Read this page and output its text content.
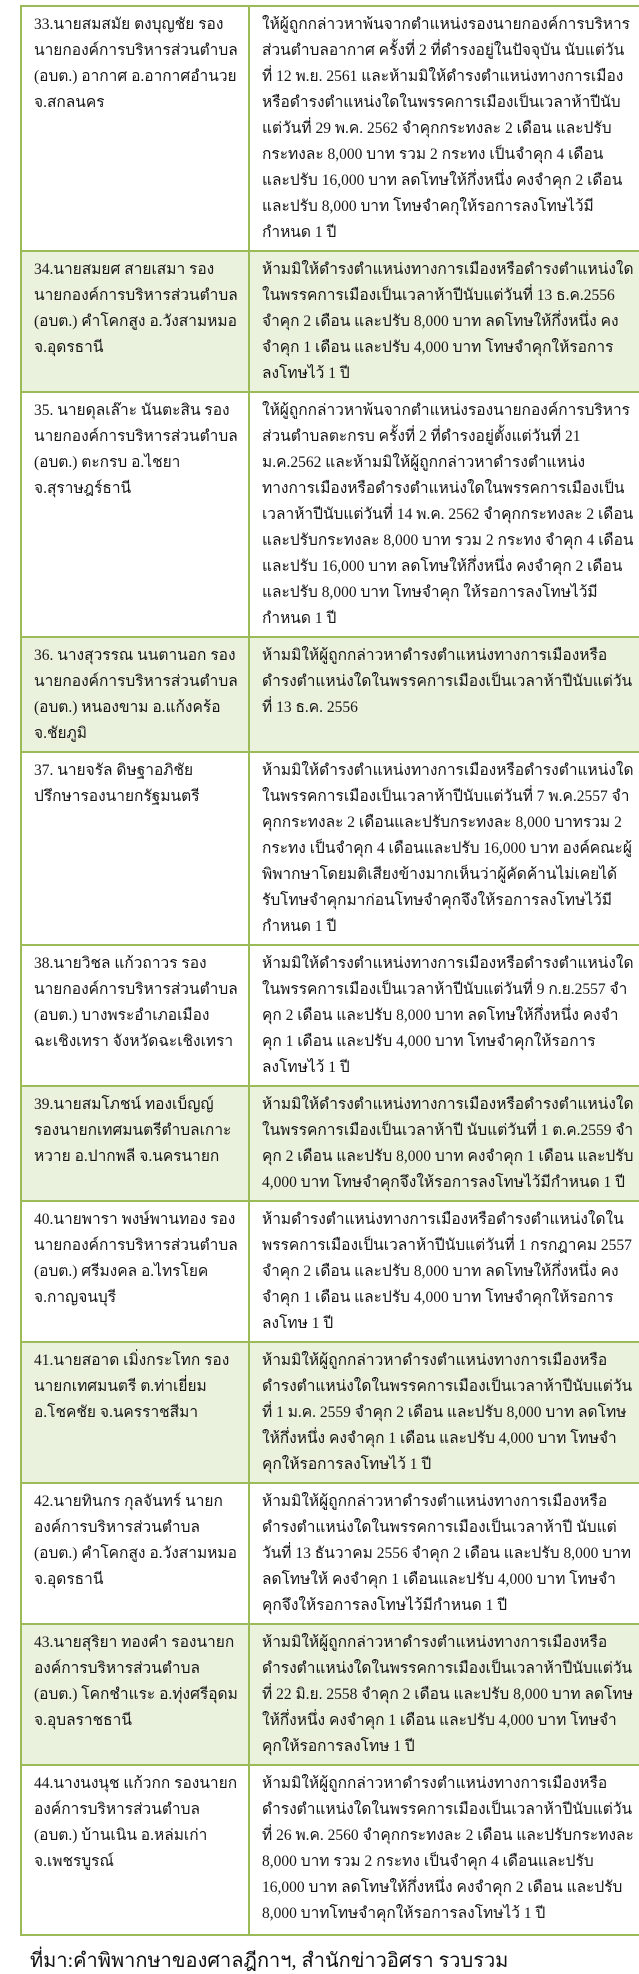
33.นายสมสมัย ตงบุญชัย รองนายกองค์การบริหารส่วนตำบล (อบต.) อากาศ อ.อากาศอำนวย จ.สกลนคร	ให้ผู้ถูกกล่าวหาพ้นจากตำแหน่งรองนายกองค์การบริหารส่วนตำบลอากาศ ครั้งที่ 2 ที่ดำรงอยู่ในปัจจุบัน นับแต่วันที่ 12 พ.ย. 2561 และห้ามมิให้ดำรงตำแหน่งทางการเมืองหรือดำรงตำแหน่งใดในพรรคการเมืองเป็นเวลาห้าปีนับแต่วันที่ 29 พ.ค. 2562 จำคุกกระทงละ 2 เดือน และปรับกระทงละ 8,000 บาท รวม 2 กระทง เป็นจำคุก 4 เดือน และปรับ 16,000 บาท ลดโทษให้กึ่งหนึ่ง คงจำคุก 2 เดือน และปรับ 8,000 บาท โทษจำคกุให้รอการลงโทษไว้มีกำหนด 1 ปี
34.นายสมยศ สายเสมา รองนายกองค์การบริหารส่วนตำบล (อบต.) คำโคกสูง อ.วังสามหมอ จ.อุดรธานี	ห้ามมิให้ดำรงตำแหน่งทางการเมืองหรือดำรงตำแหน่งใดในพรรคการเมืองเป็นเวลาห้าปีนับแต่วันที่ 13 ธ.ค.2556 จำคุก 2 เดือน และปรับ 8,000 บาท ลดโทษให้กึ่งหนึ่ง คงจำคุก 1 เดือน และปรับ 4,000 บาท โทษจำคุกให้รอการลงโทษไว้ 1 ปี
35. นายดุลเล๊าะ นันตะสิน รองนายกองค์การบริหารส่วนตำบล (อบต.) ตะกรบ อ.ไชยา จ.สุราษฎร์ธานี	ให้ผู้ถูกกล่าวหาพ้นจากตำแหน่งรองนายกองค์การบริหารส่วนตำบลตะกรบ ครั้งที่ 2 ที่ดำรงอยู่ตั้งแต่วันที่ 21 ม.ค.2562 และห้ามมิให้ผู้ถูกกล่าวหาดำรงตำแหน่งทางการเมืองหรือดำรงตำแหน่งใดในพรรคการเมืองเป็นเวลาห้าปีนับแต่วันที่ 14 พ.ค. 2562 จำคุกกระทงละ 2 เดือน และปรับกระทงละ 8,000 บาท รวม 2 กระทง จำคุก 4 เดือน และปรับ 16,000 บาท ลดโทษให้กึ่งหนึ่ง คงจำคุก 2 เดือน และปรับ 8,000 บาท โทษจำคุก ให้รอการลงโทษไว้มีกำหนด 1 ปี
36. นางสุวรรณ นนตานอก รองนายกองค์การบริหารส่วนตำบล (อบต.) หนองขาม อ.แก้งคร้อ จ.ชัยภูมิ	ห้ามมิให้ผู้ถูกกล่าวหาดำรงตำแหน่งทางการเมืองหรือดำรงตำแหน่งใดในพรรคการเมืองเป็นเวลาห้าปีนับแต่วันที่ 13 ธ.ค. 2556
37. นายจรัล ดิษฐาอภิชัย ปรึกษารองนายกรัฐมนตรี	ห้ามมิให้ดำรงตำแหน่งทางการเมืองหรือดำรงตำแหน่งใดในพรรคการเมืองเป็นเวลาห้าปีนับแต่วันที่ 7 พ.ค.2557 จำคุกกระทงละ 2 เดือนและปรับกระทงละ 8,000 บาทรวม 2 กระทง เป็นจำคุก 4 เดือนและปรับ 16,000 บาท องค์คณะผู้พิพากษาโดยมติเสียงข้างมากเห็นว่าผู้คัดค้านไม่เคยได้รับโทษจำคุกมาก่อนโทษจำคุกจึงให้รอการลงโทษไว้มีกำหนด 1 ปี
38.นายวิชล แก้วถาวร รองนายกองค์การบริหารส่วนตำบล (อบต.) บางพระอำเภอเมืองฉะเชิงเทรา จังหวัดฉะเชิงเทรา	ห้ามมิให้ดำรงตำแหน่งทางการเมืองหรือดำรงตำแหน่งใดในพรรคการเมืองเป็นเวลาห้าปีนับแต่วันที่ 9 ก.ย.2557 จำคุก 2 เดือน และปรับ 8,000 บาท ลดโทษให้กึ่งหนึ่ง คงจำคุก 1 เดือน และปรับ 4,000 บาท โทษจำคุกให้รอการลงโทษไว้ 1 ปี
39.นายสมโภชน์ ทองเบ็ญญ์ รองนายกเทศมนตรีตำบลเกาะหวาย อ.ปากพลี จ.นครนายก	ห้ามมิให้ดำรงตำแหน่งทางการเมืองหรือดำรงตำแหน่งใดในพรรคการเมืองเป็นเวลาห้าปี นับแต่วันที่ 1 ต.ค.2559 จำคุก 2 เดือน และปรับ 8,000 บาท คงจำคุก 1 เดือน และปรับ 4,000 บาท โทษจำคุกจึงให้รอการลงโทษไว้มีกำหนด 1 ปี
40.นายพารา พงษ์พานทอง รองนายกองค์การบริหารส่วนตำบล (อบต.) ศรีมงคล อ.ไทรโยค จ.กาญจนบุรี	ห้ามดำรงตำแหน่งทางการเมืองหรือดำรงตำแหน่งใดในพรรคการเมืองเป็นเวลาห้าปีนับแต่วันที่ 1 กรกฎาคม 2557 จำคุก 2 เดือน และปรับ 8,000 บาท ลดโทษให้กึ่งหนึ่ง คงจำคุก 1 เดือน และปรับ 4,000 บาท โทษจำคุกให้รอการลงโทษ 1 ปี
41.นายสอาด เมิ่งกระโทก รองนายกเทศมนตรี ต.ท่าเยี่ยม อ.โชคชัย จ.นครราชสีมา	ห้ามมิให้ผู้ถูกกล่าวหาดำรงตำแหน่งทางการเมืองหรือดำรงตำแหน่งใดในพรรคการเมืองเป็นเวลาห้าปีนับแต่วันที่ 1 ม.ค. 2559 จำคุก 2 เดือน และปรับ 8,000 บาท ลดโทษให้กึ่งหนึ่ง คงจำคุก 1 เดือน และปรับ 4,000 บาท โทษจำคุกให้รอการลงโทษไว้ 1 ปี
42.นายทินกร กุลจันทร์ นายกองค์การบริหารส่วนตำบล (อบต.) คำโคกสูง อ.วังสามหมอ จ.อุดรธานี	ห้ามมิให้ผู้ถูกกล่าวหาดำรงตำแหน่งทางการเมืองหรือดำรงตำแหน่งใดในพรรคการเมืองเป็นเวลาห้าปี นับแต่วันที่ 13 ธันวาคม 2556 จำคุก 2 เดือน และปรับ 8,000 บาท ลดโทษให้ คงจำคุก 1 เดือนและปรับ 4,000 บาท โทษจำคุกจึงให้รอการลงโทษไว้มีกำหนด 1 ปี
43.นายสุริยา ทองคำ รองนายกองค์การบริหารส่วนตำบล (อบต.) โคกชำแระ อ.ทุ่งศรีอุดม จ.อุบลราชธานี	ห้ามมิให้ผู้ถูกกล่าวหาดำรงตำแหน่งทางการเมืองหรือดำรงตำแหน่งใดในพรรคการเมืองเป็นเวลาห้าปีนับแต่วันที่ 22 มิ.ย. 2558 จำคุก 2 เดือน และปรับ 8,000 บาท ลดโทษให้กึ่งหนึ่ง คงจำคุก 1 เดือน และปรับ 4,000 บาท โทษจำคุกให้รอการลงโทษ 1 ปี
44.นางนงนุช แก้วกก รองนายกองค์การบริหารส่วนตำบล (อบต.) บ้านเนิน อ.หล่มเก่า จ.เพชรบูรณ์	ห้ามมิให้ผู้ถูกกล่าวหาดำรงตำแหน่งทางการเมืองหรือดำรงตำแหน่งใดในพรรคการเมืองเป็นเวลาห้าปีนับแต่วันที่ 26 พ.ค. 2560 จำคุกกระทงละ 2 เดือน และปรับกระทงละ 8,000 บาท รวม 2 กระทง เป็นจำคุก 4 เดือนและปรับ 16,000 บาท ลดโทษให้กึ่งหนึ่ง คงจำคุก 2 เดือน และปรับ 8,000 บาทโทษจำคุกให้รอการลงโทษไว้ 1 ปี

ที่มา:คำพิพากษาของศาลฎีกาฯ, สำนักข่าวอิศรา รวบรวม
